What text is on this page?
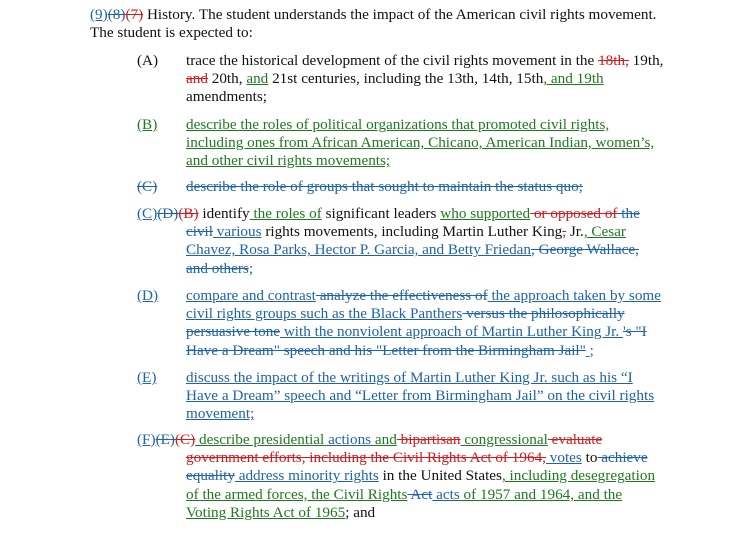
(9)(8)(7) History. The student understands the impact of the American civil rights movement.
The student is expected to:
(A) trace the historical development of the civil rights movement in the 18th, 19th,
and 20th, and 21st centuries, including the 13th, 14th, 15th, and 19th
amendments;
(B) describe the roles of political organizations that promoted civil rights,
including ones from African American, Chicano, American Indian, women’s,
and other civil rights movements;
(C) describe the role of groups that sought to maintain the status quo;
(C)(D)(B) identify the roles of significant leaders who supported or opposed of the
civil various rights movements, including Martin Luther King, Jr., Cesar
Chavez, Rosa Parks, Hector P. Garcia, and Betty Friedan, George Wallace,
and others;
(D) compare and contrast analyze the effectiveness of the approach taken by some
civil rights groups such as the Black Panthers versus the philosophically
persuasive tone with the nonviolent approach of Martin Luther King Jr. 's "I
Have a Dream" speech and his "Letter from the Birmingham Jail" ;
(E) discuss the impact of the writings of Martin Luther King Jr. such as his “I
Have a Dream” speech and “Letter from Birmingham Jail” on the civil rights
movement;
(F)(E)(C) describe presidential actions and bipartisan congressional evaluate
government efforts, including the Civil Rights Act of 1964, votes to achieve
equality address minority rights in the United States, including desegregation
of the armed forces, the Civil Rights Act acts of 1957 and 1964, and the
Voting Rights Act of 1965; and
